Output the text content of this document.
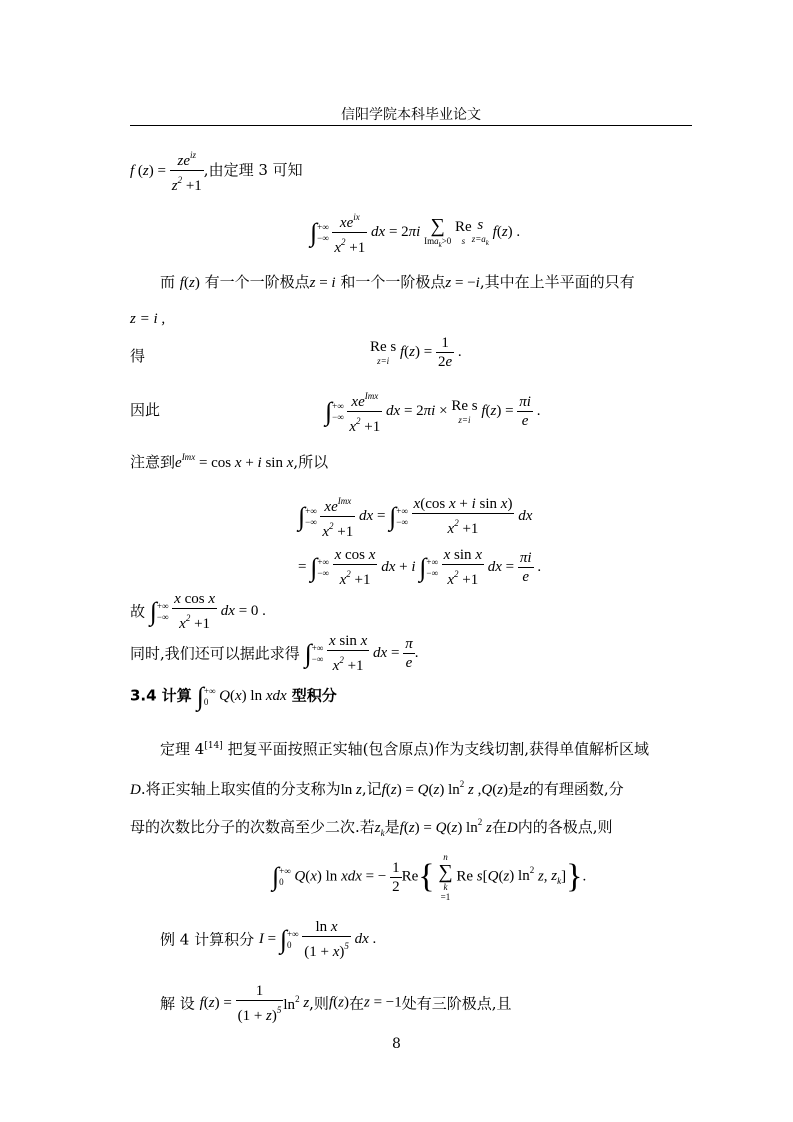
信阳学院本科毕业论文
f $(z) = \frac{ze^{iz}}{z^2 +1}$ ,由定理 3 可知
∫ +∞
−∞
$\frac{xe^{ix}}{x^2 +1}$ dx = 2πi ∑
Ima$_k$>0

Re
s
s
$z=a_k$
f(z) .
而 f(z) 有一个一阶极点z = i 和一个一阶极点z = −i,其中在上半平面的只有
z = i ,
得	Re s
z=i
$f(z) = \frac{1}{2e}$ .
因此	∫ +∞
−∞
$\frac{xe^{Imx}}{x^2 +1}$ dx = 2πi × Re s
z=i
$f(z) = \frac{\pi i}{e}$ .
注意到$e^{Imx} = \cos x + i$ sin x,所以
∫ +∞
−∞
$\frac{xe^{Imx}}{x^2 +1}$ dx = ∫ +∞
−∞
$\frac{\text{x(cos x + i sin x)}}{x^2 +1}$ dx
= ∫ +∞
−∞
$\frac{\text{x cos x}}{x^2 +1}$ dx + i ∫ +∞
−∞
$\frac{\text{x sin x}}{x^2 +1}$ dx = $\frac{\pi i}{e}$ .
故 ∫ +∞
−∞
$\frac{\text{x cos x}}{x^2 +1}$ dx = 0 .
同时,我们还可以据此求得 ∫ +∞
−∞
$\frac{\text{x sin x}}{x^2 +1}$ dx = $\frac{\pi}{e}$ .
3.4 计算 ∫ +∞
0 Q(x) ln xdx 型积分
定理 4[14] 把复平面按照正实轴(包含原点)作为支线切割,获得单值解析区域
D.将正实轴上取实值的分支称为ln z,记f(z) = Q(z) $\ln^2 z$ ,Q(z)是z的有理函数,分
母的次数比分子的次数高至少二次.若$z_k$是f(z) = Q(z) $\ln^2 z$在D内的各极点,则
∫ +∞
0 Q(x) ln xdx = − $\frac{1}{2} Re${
n
∑
k
=1
Re s[Q(z) $\ln^2 z$, $z_k$]}.
例 4 计算积分 I = ∫ +∞
0
$\frac{\text{ln x}}{(1 + x)^5}$ dx .
解 设 $f(z) = \frac{1}{(1 + z)^5} \ln^2 z$,则f(z)在z = −1处有三阶极点,且
8
